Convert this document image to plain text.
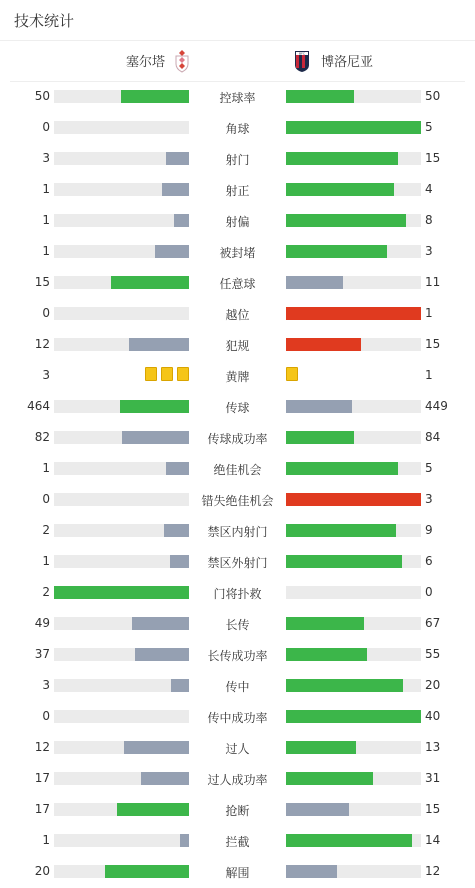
技术统计
塞尔塔
BFC
博洛尼亚
50	控球率	50
0	角球	5
3	射门	15
1	射正	4
1	射偏	8
1	被封堵	3
15	任意球	11
0	越位	1
12	犯规	15
3	黄牌	1
464	传球	449
82	传球成功率	84
1	绝佳机会	5
0	错失绝佳机会	3
2	禁区内射门	9
1	禁区外射门	6
2	门将扑救	0
49	长传	67
37	长传成功率	55
3	传中	20
0	传中成功率	40
12	过人	13
17	过人成功率	31
17	抢断	15
1	拦截	14
20	解围	12
